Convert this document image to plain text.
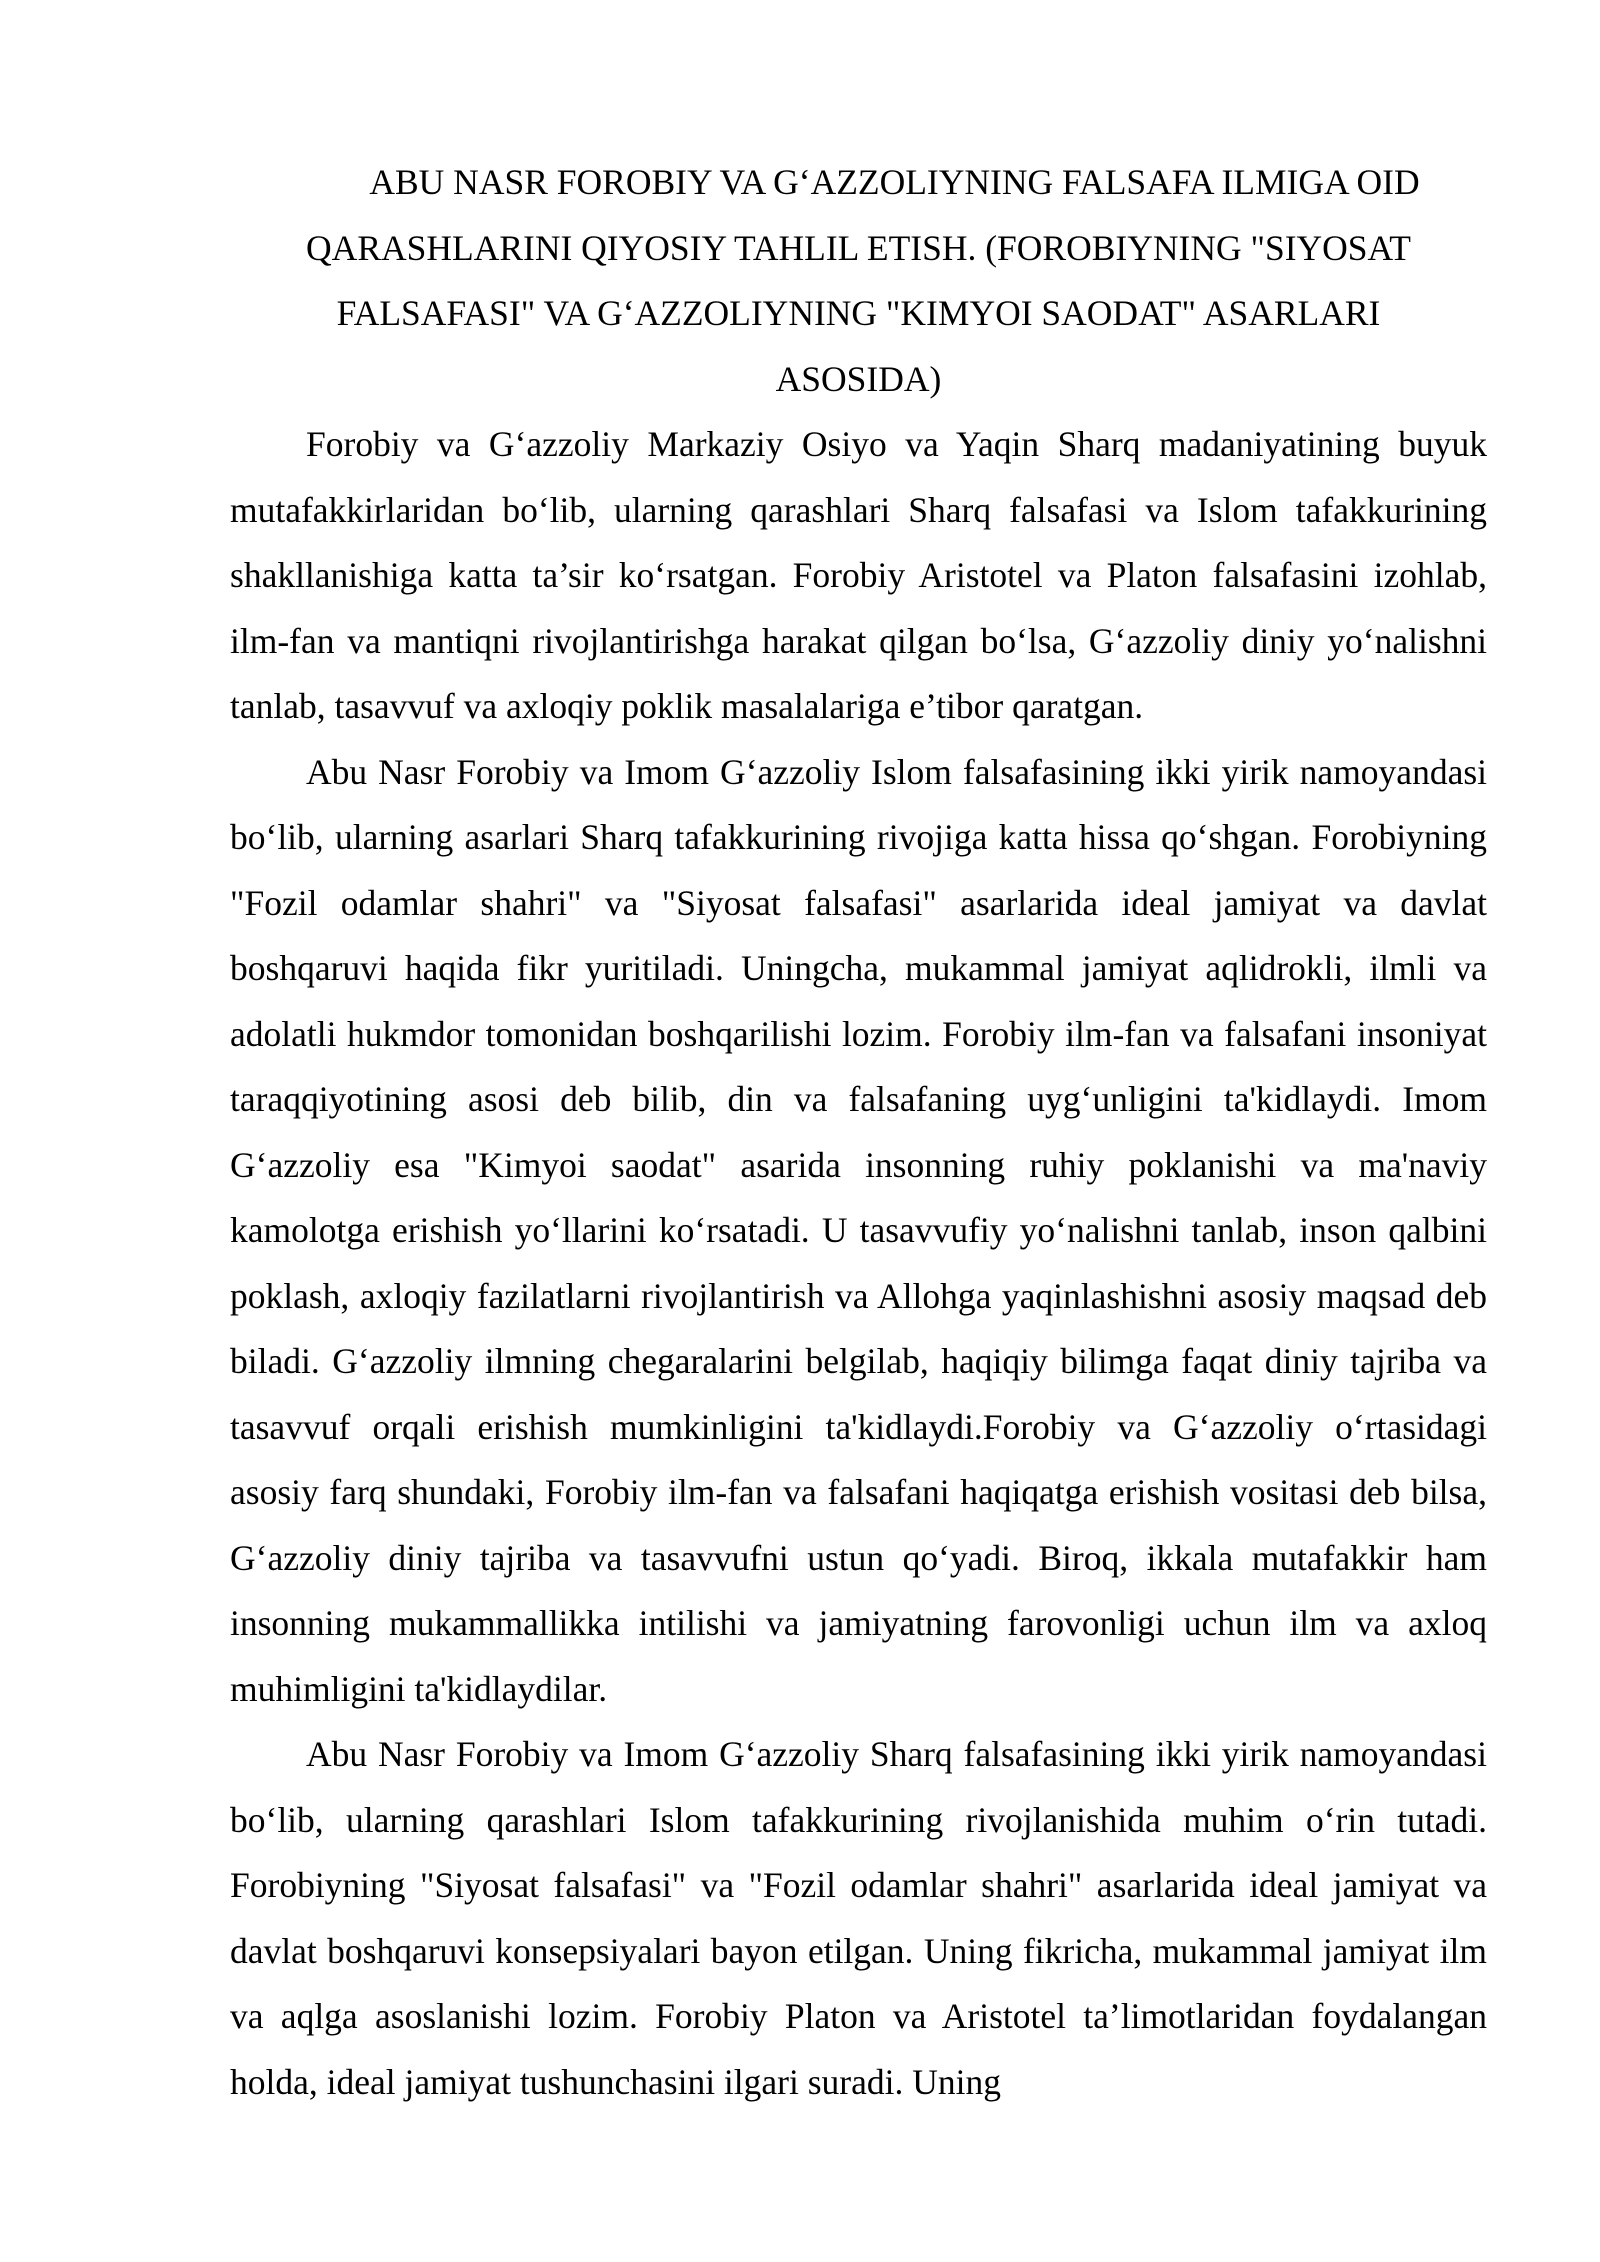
ABU NASR FOROBIY VA G‘AZZOLIYNING FALSAFA ILMIGA OID
QARASHLARINI QIYOSIY TAHLIL ETISH. (FOROBIYNING "SIYOSAT
FALSAFASI" VA G‘AZZOLIYNING "KIMYOI SAODAT" ASARLARI
ASOSIDA)

Forobiy va G‘azzoliy Markaziy Osiyo va Yaqin Sharq madaniyatining buyuk mutafakkirlaridan bo‘lib, ularning qarashlari Sharq falsafasi va Islom tafakkurining shakllanishiga katta ta’sir ko‘rsatgan. Forobiy Aristotel va Platon falsafasini izohlab, ilm-fan va mantiqni rivojlantirishga harakat qilgan bo‘lsa, G‘azzoliy diniy yo‘nalishni tanlab, tasavvuf va axloqiy poklik masalalariga e’tibor qaratgan.

Abu Nasr Forobiy va Imom G‘azzoliy Islom falsafasining ikki yirik namoyandasi bo‘lib, ularning asarlari Sharq tafakkurining rivojiga katta hissa qo‘shgan. Forobiyning "Fozil odamlar shahri" va "Siyosat falsafasi" asarlarida ideal jamiyat va davlat boshqaruvi haqida fikr yuritiladi. Uningcha, mukammal jamiyat aqlidrokli, ilmli va adolatli hukmdor tomonidan boshqarilishi lozim. Forobiy ilm-fan va falsafani insoniyat taraqqiyotining asosi deb bilib, din va falsafaning uyg‘unligini ta'kidlaydi. Imom G‘azzoliy esa "Kimyoi saodat" asarida insonning ruhiy poklanishi va ma'naviy kamolotga erishish yo‘llarini ko‘rsatadi. U tasavvufiy yo‘nalishni tanlab, inson qalbini poklash, axloqiy fazilatlarni rivojlantirish va Allohga yaqinlashishni asosiy maqsad deb biladi. G‘azzoliy ilmning chegaralarini belgilab, haqiqiy bilimga faqat diniy tajriba va tasavvuf orqali erishish mumkinligini ta'kidlaydi.Forobiy va G‘azzoliy o‘rtasidagi asosiy farq shundaki, Forobiy ilm-fan va falsafani haqiqatga erishish vositasi deb bilsa, G‘azzoliy diniy tajriba va tasavvufni ustun qo‘yadi. Biroq, ikkala mutafakkir ham insonning mukammallikka intilishi va jamiyatning farovonligi uchun ilm va axloq muhimligini ta'kidlaydilar.

Abu Nasr Forobiy va Imom G‘azzoliy Sharq falsafasining ikki yirik namoyandasi bo‘lib, ularning qarashlari Islom tafakkurining rivojlanishida muhim o‘rin tutadi. Forobiyning "Siyosat falsafasi" va "Fozil odamlar shahri" asarlarida ideal jamiyat va davlat boshqaruvi konsepsiyalari bayon etilgan. Uning fikricha, mukammal jamiyat ilm va aqlga asoslanishi lozim. Forobiy Platon va Aristotel ta’limotlaridan foydalangan holda, ideal jamiyat tushunchasini ilgari suradi. Uning
